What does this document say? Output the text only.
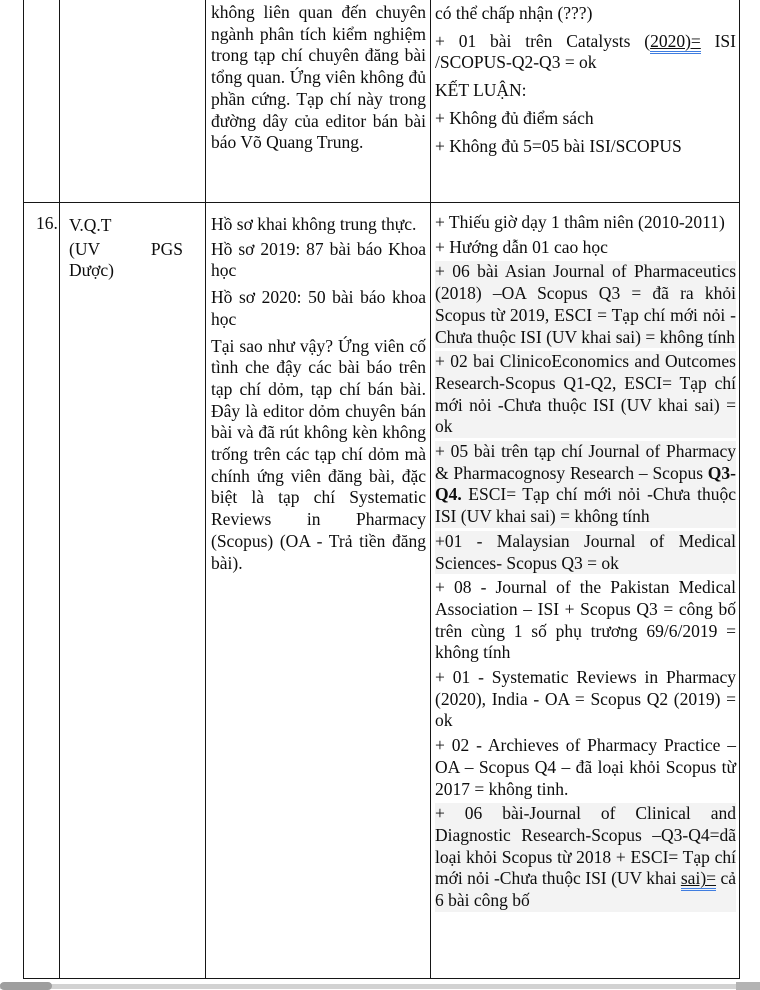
không liên quan đến chuyên ngành phân tích kiểm nghiệm trong tạp chí chuyên đăng bài tổng quan. Ứng viên không đủ phần cứng. Tạp chí này trong đường dây của editor bán bài báo Võ Quang Trung.

có thể chấp nhận (???)

+ 01 bài trên Catalysts (2020)= ISI /SCOPUS-Q2-Q3 = ok

KẾT LUẬN:

+ Không đủ điểm sách

+ Không đủ 5=05 bài ISI/SCOPUS

16. V.Q.T

(UV PGS Dược)

Hồ sơ khai không trung thực.

Hồ sơ 2019: 87 bài báo Khoa học

Hồ sơ 2020: 50 bài báo khoa học

Tại sao như vậy? Ứng viên cố tình che đậy các bài báo trên tạp chí dỏm, tạp chí bán bài.

Đây là editor dỏm chuyên bán bài và đã rút không kèn không trống trên các tạp chí dỏm mà chính ứng viên đăng bài, đặc biệt là tạp chí Systematic Reviews in Pharmacy (Scopus) (OA - Trả tiền đăng bài).

+ Thiếu giờ dạy 1 thâm niên (2010-2011)

+ Hướng dẫn 01 cao học

+ 06 bài Asian Journal of Pharmaceutics (2018) –OA Scopus Q3 = đã ra khỏi Scopus từ 2019, ESCI = Tạp chí mới nỏi -Chưa thuộc ISI (UV khai sai) = không tính

+ 02 bai ClinicoEconomics and Outcomes Research-Scopus Q1-Q2, ESCI= Tạp chí mới nỏi -Chưa thuộc ISI (UV khai sai) = ok

+ 05 bài trên tạp chí Journal of Pharmacy & Pharmacognosy Research – Scopus Q3-Q4. ESCI= Tạp chí mới nỏi -Chưa thuộc ISI (UV khai sai) = không tính

+01 - Malaysian Journal of Medical Sciences- Scopus Q3 = ok

+ 08 - Journal of the Pakistan Medical Association – ISI + Scopus Q3 = công bố trên cùng 1 số phụ trương 69/6/2019 = không tính

+ 01 - Systematic Reviews in Pharmacy (2020), India - OA = Scopus Q2 (2019) = ok

+ 02 - Archieves of Pharmacy Practice – OA – Scopus Q4 – đã loại khỏi Scopus từ 2017 = không tinh.

+ 06 bài-Journal of Clinical and Diagnostic Research-Scopus –Q3-Q4=dã loại khỏi Scopus từ 2018 + ESCI= Tạp chí mới nỏi -Chưa thuộc ISI (UV khai sai)= cả 6 bài công bố
